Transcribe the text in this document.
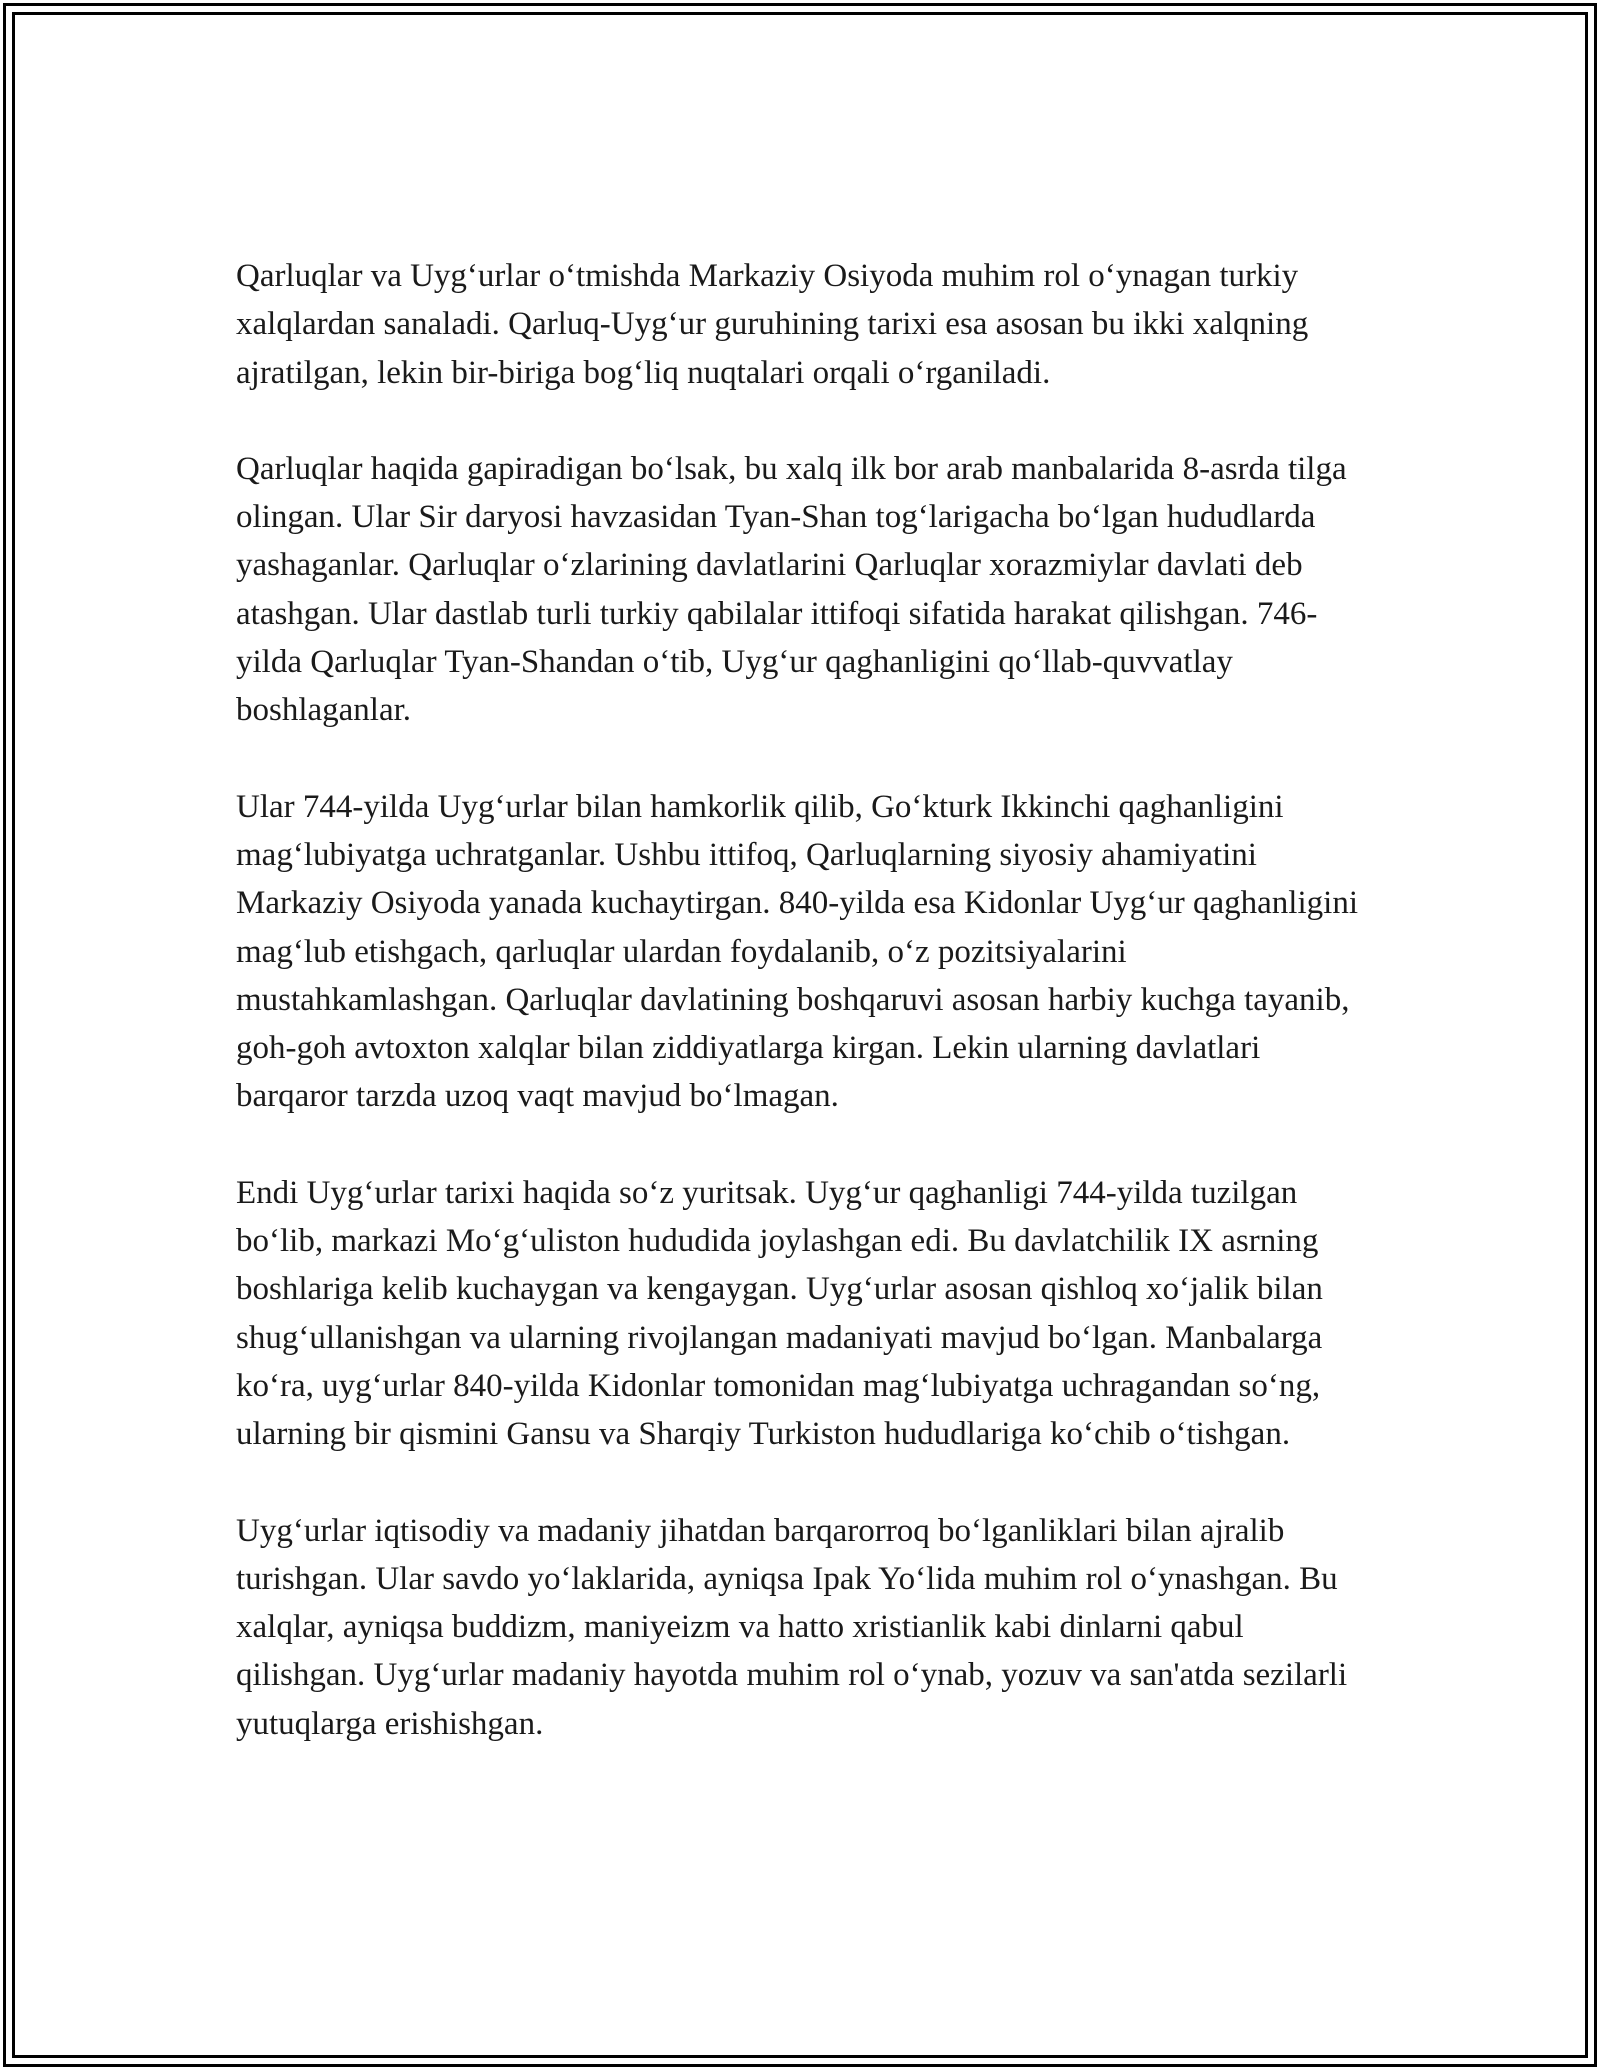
Qarluqlar va Uyg‘urlar o‘tmishda Markaziy Osiyoda muhim rol o‘ynagan turkiy xalqlardan sanaladi. Qarluq-Uyg‘ur guruhining tarixi esa asosan bu ikki xalqning ajratilgan, lekin bir-biriga bog‘liq nuqtalari orqali o‘rganiladi.

Qarluqlar haqida gapiradigan bo‘lsak, bu xalq ilk bor arab manbalarida 8-asrda tilga olingan. Ular Sir daryosi havzasidan Tyan-Shan tog‘larigacha bo‘lgan hududlarda yashaganlar. Qarluqlar o‘zlarining davlatlarini Qarluqlar xorazmiylar davlati deb atashgan. Ular dastlab turli turkiy qabilalar ittifoqi sifatida harakat qilishgan. 746-yilda Qarluqlar Tyan-Shandan o‘tib, Uyg‘ur qaghanligini qo‘llab-quvvatlay boshlaganlar.

Ular 744-yilda Uyg‘urlar bilan hamkorlik qilib, Go‘kturk Ikkinchi qaghanligini mag‘lubiyatga uchratganlar. Ushbu ittifoq, Qarluqlarning siyosiy ahamiyatini Markaziy Osiyoda yanada kuchaytirgan. 840-yilda esa Kidonlar Uyg‘ur qaghanligini mag‘lub etishgach, qarluqlar ulardan foydalanib, o‘z pozitsiyalarini mustahkamlashgan. Qarluqlar davlatining boshqaruvi asosan harbiy kuchga tayanib, goh-goh avtoxton xalqlar bilan ziddiyatlarga kirgan. Lekin ularning davlatlari barqaror tarzda uzoq vaqt mavjud bo‘lmagan.

Endi Uyg‘urlar tarixi haqida so‘z yuritsak. Uyg‘ur qaghanligi 744-yilda tuzilgan bo‘lib, markazi Mo‘g‘uliston hududida joylashgan edi. Bu davlatchilik IX asrning boshlariga kelib kuchaygan va kengaygan. Uyg‘urlar asosan qishloq xo‘jalik bilan shug‘ullanishgan va ularning rivojlangan madaniyati mavjud bo‘lgan. Manbalarga ko‘ra, uyg‘urlar 840-yilda Kidonlar tomonidan mag‘lubiyatga uchragandan so‘ng, ularning bir qismini Gansu va Sharqiy Turkiston hududlariga ko‘chib o‘tishgan.

Uyg‘urlar iqtisodiy va madaniy jihatdan barqarorroq bo‘lganliklari bilan ajralib turishgan. Ular savdo yo‘laklarida, ayniqsa Ipak Yo‘lida muhim rol o‘ynashgan. Bu xalqlar, ayniqsa buddizm, maniyeizm va hatto xristianlik kabi dinlarni qabul qilishgan. Uyg‘urlar madaniy hayotda muhim rol o‘ynab, yozuv va san'atda sezilarli yutuqlarga erishishgan.
